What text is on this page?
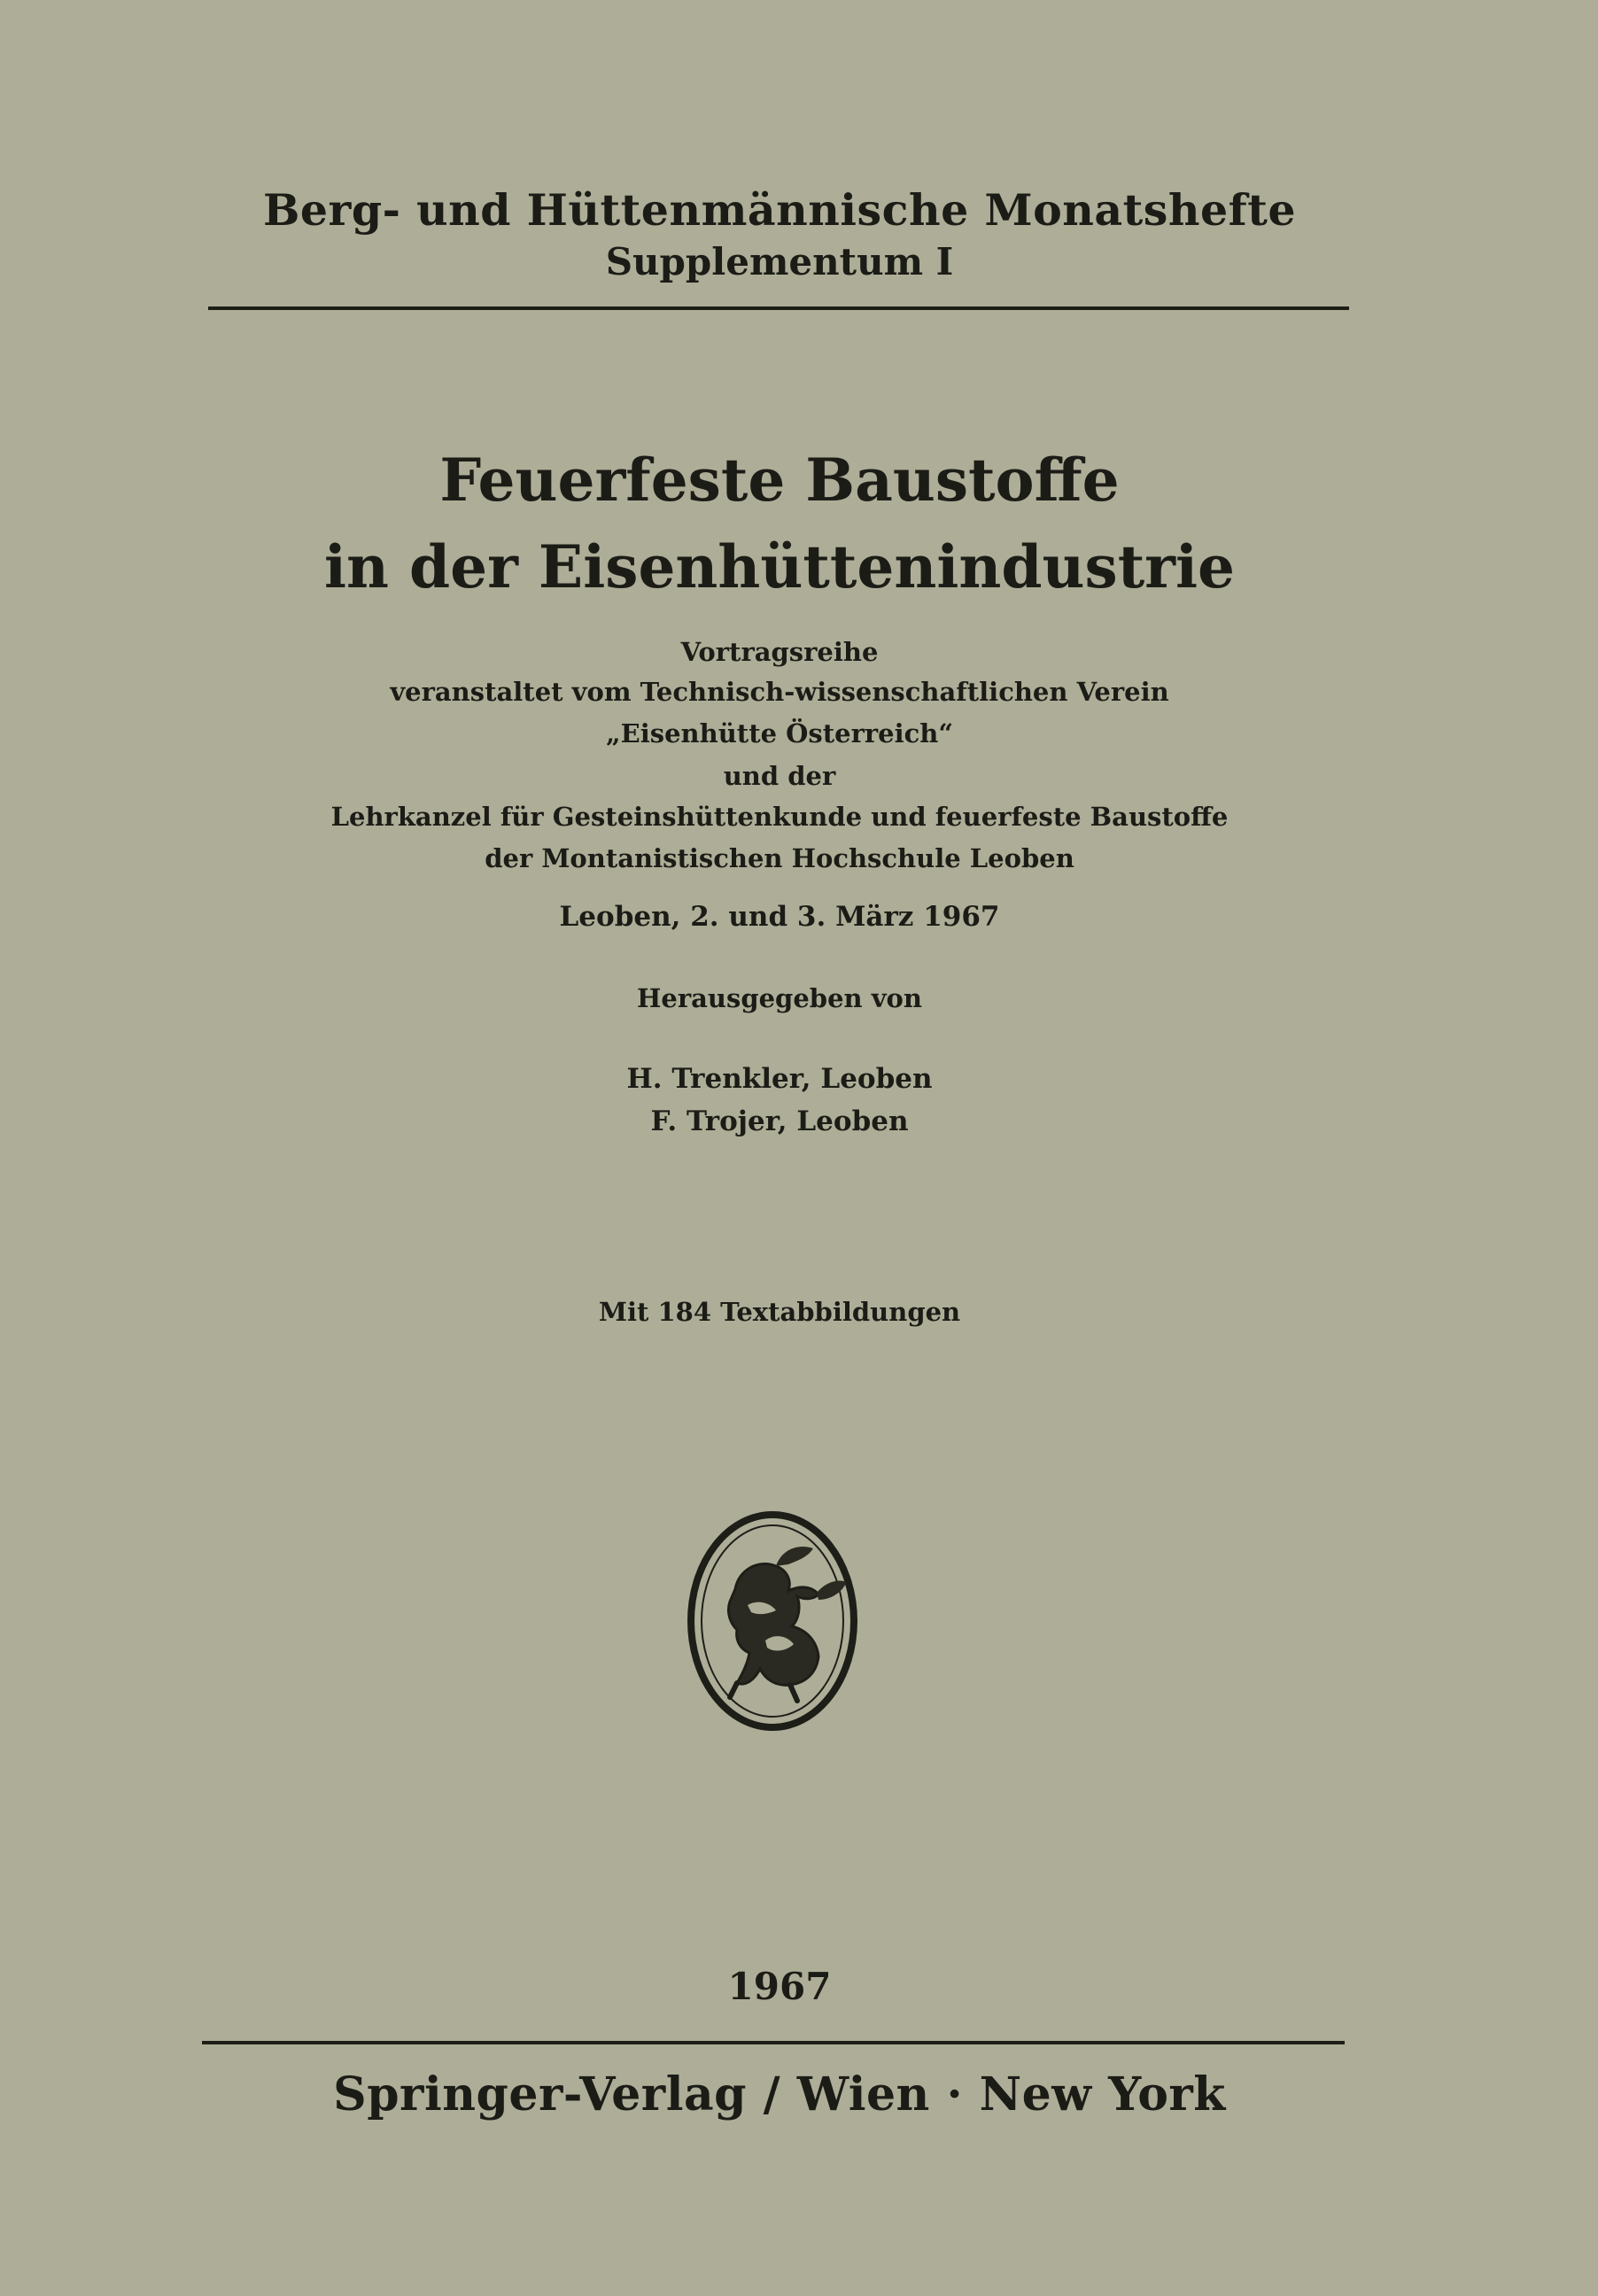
Berg- und Hüttenmännische Monatshefte
Supplementum I
Feuerfeste Baustoffe
in der Eisenhüttenindustrie
Vortragsreihe
veranstaltet vom Technisch-wissenschaftlichen Verein
„Eisenhütte Österreich“
und der
Lehrkanzel für Gesteinshüttenkunde und feuerfeste Baustoffe
der Montanistischen Hochschule Leoben
Leoben, 2. und 3. März 1967
Herausgegeben von
H. Trenkler, Leoben
F. Trojer, Leoben
Mit 184 Textabbildungen
1967
Springer-Verlag / Wien · New York
